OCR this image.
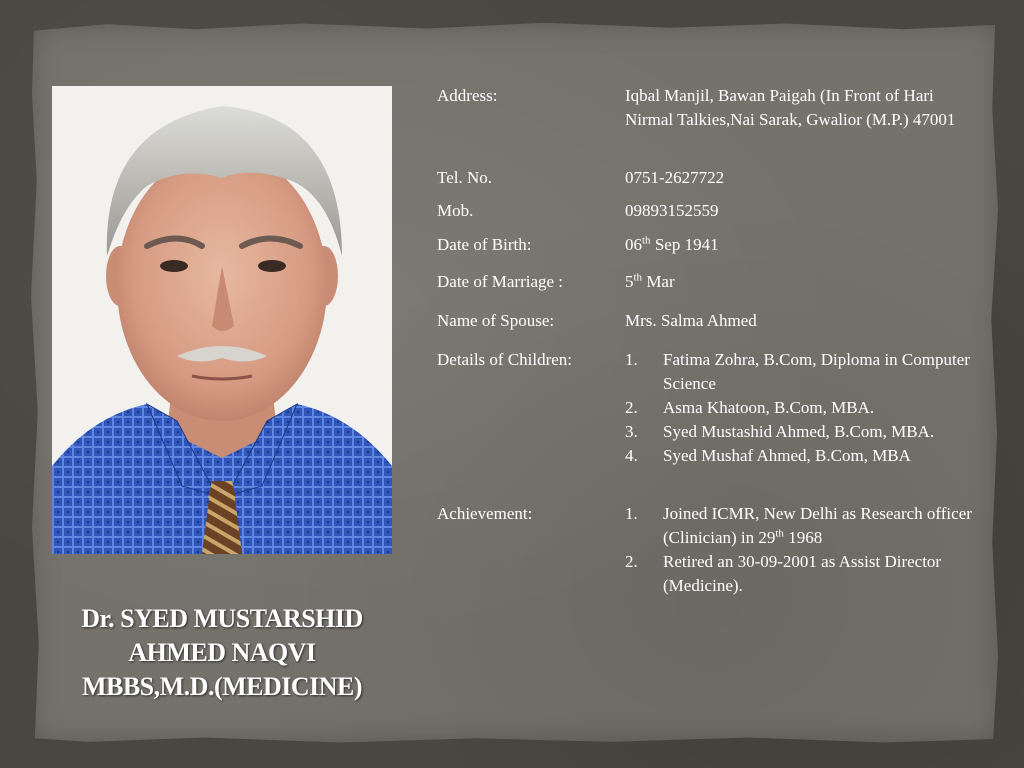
Dr. SYED MUSTARSHID
AHMED NAQVI
MBBS,M.D.(MEDICINE)
Address:	Iqbal Manjil, Bawan Paigah (In Front of Hari Nirmal Talkies,Nai Sarak, Gwalior (M.P.) 47001
Tel. No.	0751-2627722
Mob.	09893152559
Date of Birth:	06th Sep 1941
Date of Marriage :	5th Mar
Name of Spouse:	Mrs. Salma Ahmed
Details of Children:	1.	Fatima Zohra, B.Com, Diploma in Computer Science
2.	Asma Khatoon, B.Com, MBA.
3.	Syed Mustashid Ahmed, B.Com, MBA.
4.	Syed Mushaf Ahmed, B.Com, MBA
Achievement:	1.	Joined ICMR, New Delhi as Research officer (Clinician) in 29th 1968
2.	Retired an 30-09-2001 as Assist Director (Medicine).
